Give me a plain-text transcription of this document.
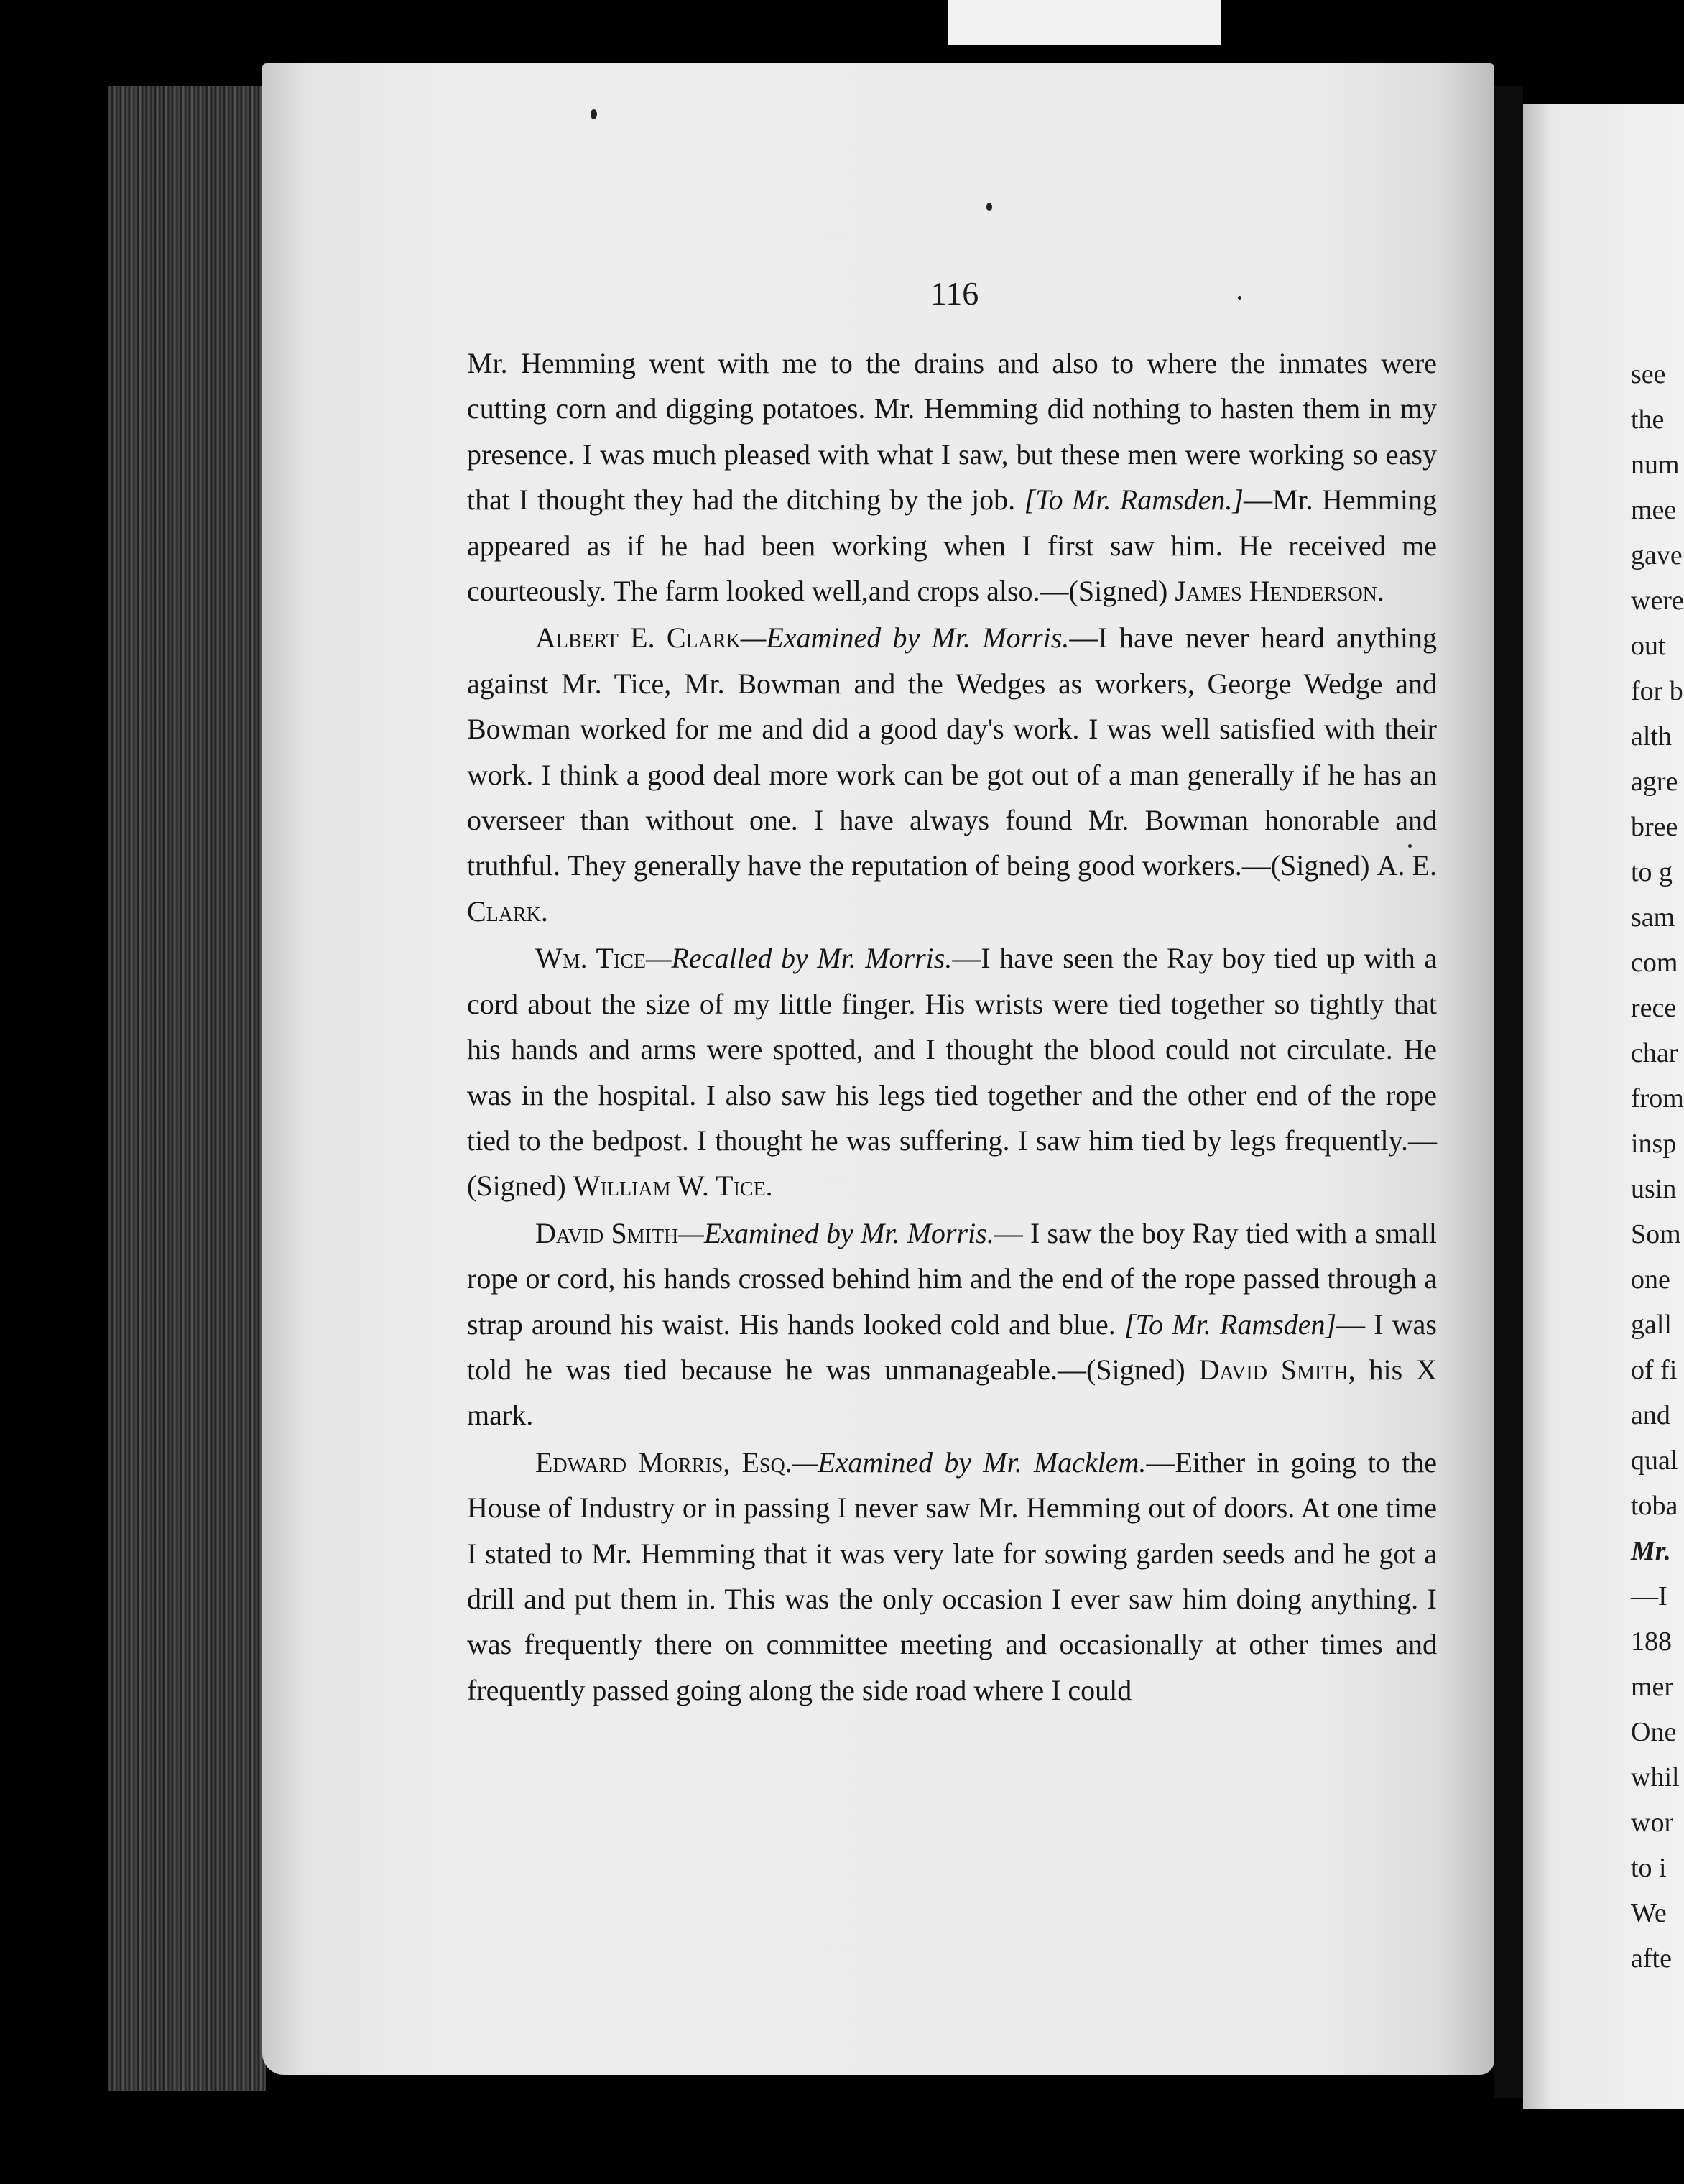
see
the
num
mee
gave
were
out
for b
alth
agre
bree
to g
sam
com
rece
char
from
insp
usin
Som
one
gall
of fi
and
qual
toba
Mr.
—I
188
mer
One
whil
wor
to i
We
afte
116

Mr. Hemming went with me to the drains and also to where the inmates were cutting corn and digging potatoes. Mr. Hemming did nothing to hasten them in my presence. I was much pleased with what I saw, but these men were working so easy that I thought they had the ditching by the job. [To Mr. Ramsden.]—Mr. Hemming appeared as if he had been working when I first saw him. He received me courteously. The farm looked well,and crops also.—(Signed) James Henderson.

Albert E. Clark—Examined by Mr. Morris.—I have never heard anything against Mr. Tice, Mr. Bowman and the Wedges as workers, George Wedge and Bowman worked for me and did a good day's work. I was well satisfied with their work. I think a good deal more work can be got out of a man generally if he has an overseer than without one. I have always found Mr. Bowman honorable and truthful. They generally have the reputation of being good workers.—(Signed) A. E. Clark.

Wm. Tice—Recalled by Mr. Morris.—I have seen the Ray boy tied up with a cord about the size of my little finger. His wrists were tied together so tightly that his hands and arms were spotted, and I thought the blood could not circulate. He was in the hospital. I also saw his legs tied together and the other end of the rope tied to the bedpost. I thought he was suffering. I saw him tied by legs frequently.—(Signed) William W. Tice.

David Smith—Examined by Mr. Morris.— I saw the boy Ray tied with a small rope or cord, his hands crossed behind him and the end of the rope passed through a strap around his waist. His hands looked cold and blue. [To Mr. Ramsden]— I was told he was tied because he was unmanageable.—(Signed) David Smith, his X mark.

Edward Morris, Esq.—Examined by Mr. Macklem.—Either in going to the House of Industry or in passing I never saw Mr. Hemming out of doors. At one time I stated to Mr. Hemming that it was very late for sowing garden seeds and he got a drill and put them in. This was the only occasion I ever saw him doing anything. I was frequently there on committee meeting and occasionally at other times and frequently passed going along the side road where I could
